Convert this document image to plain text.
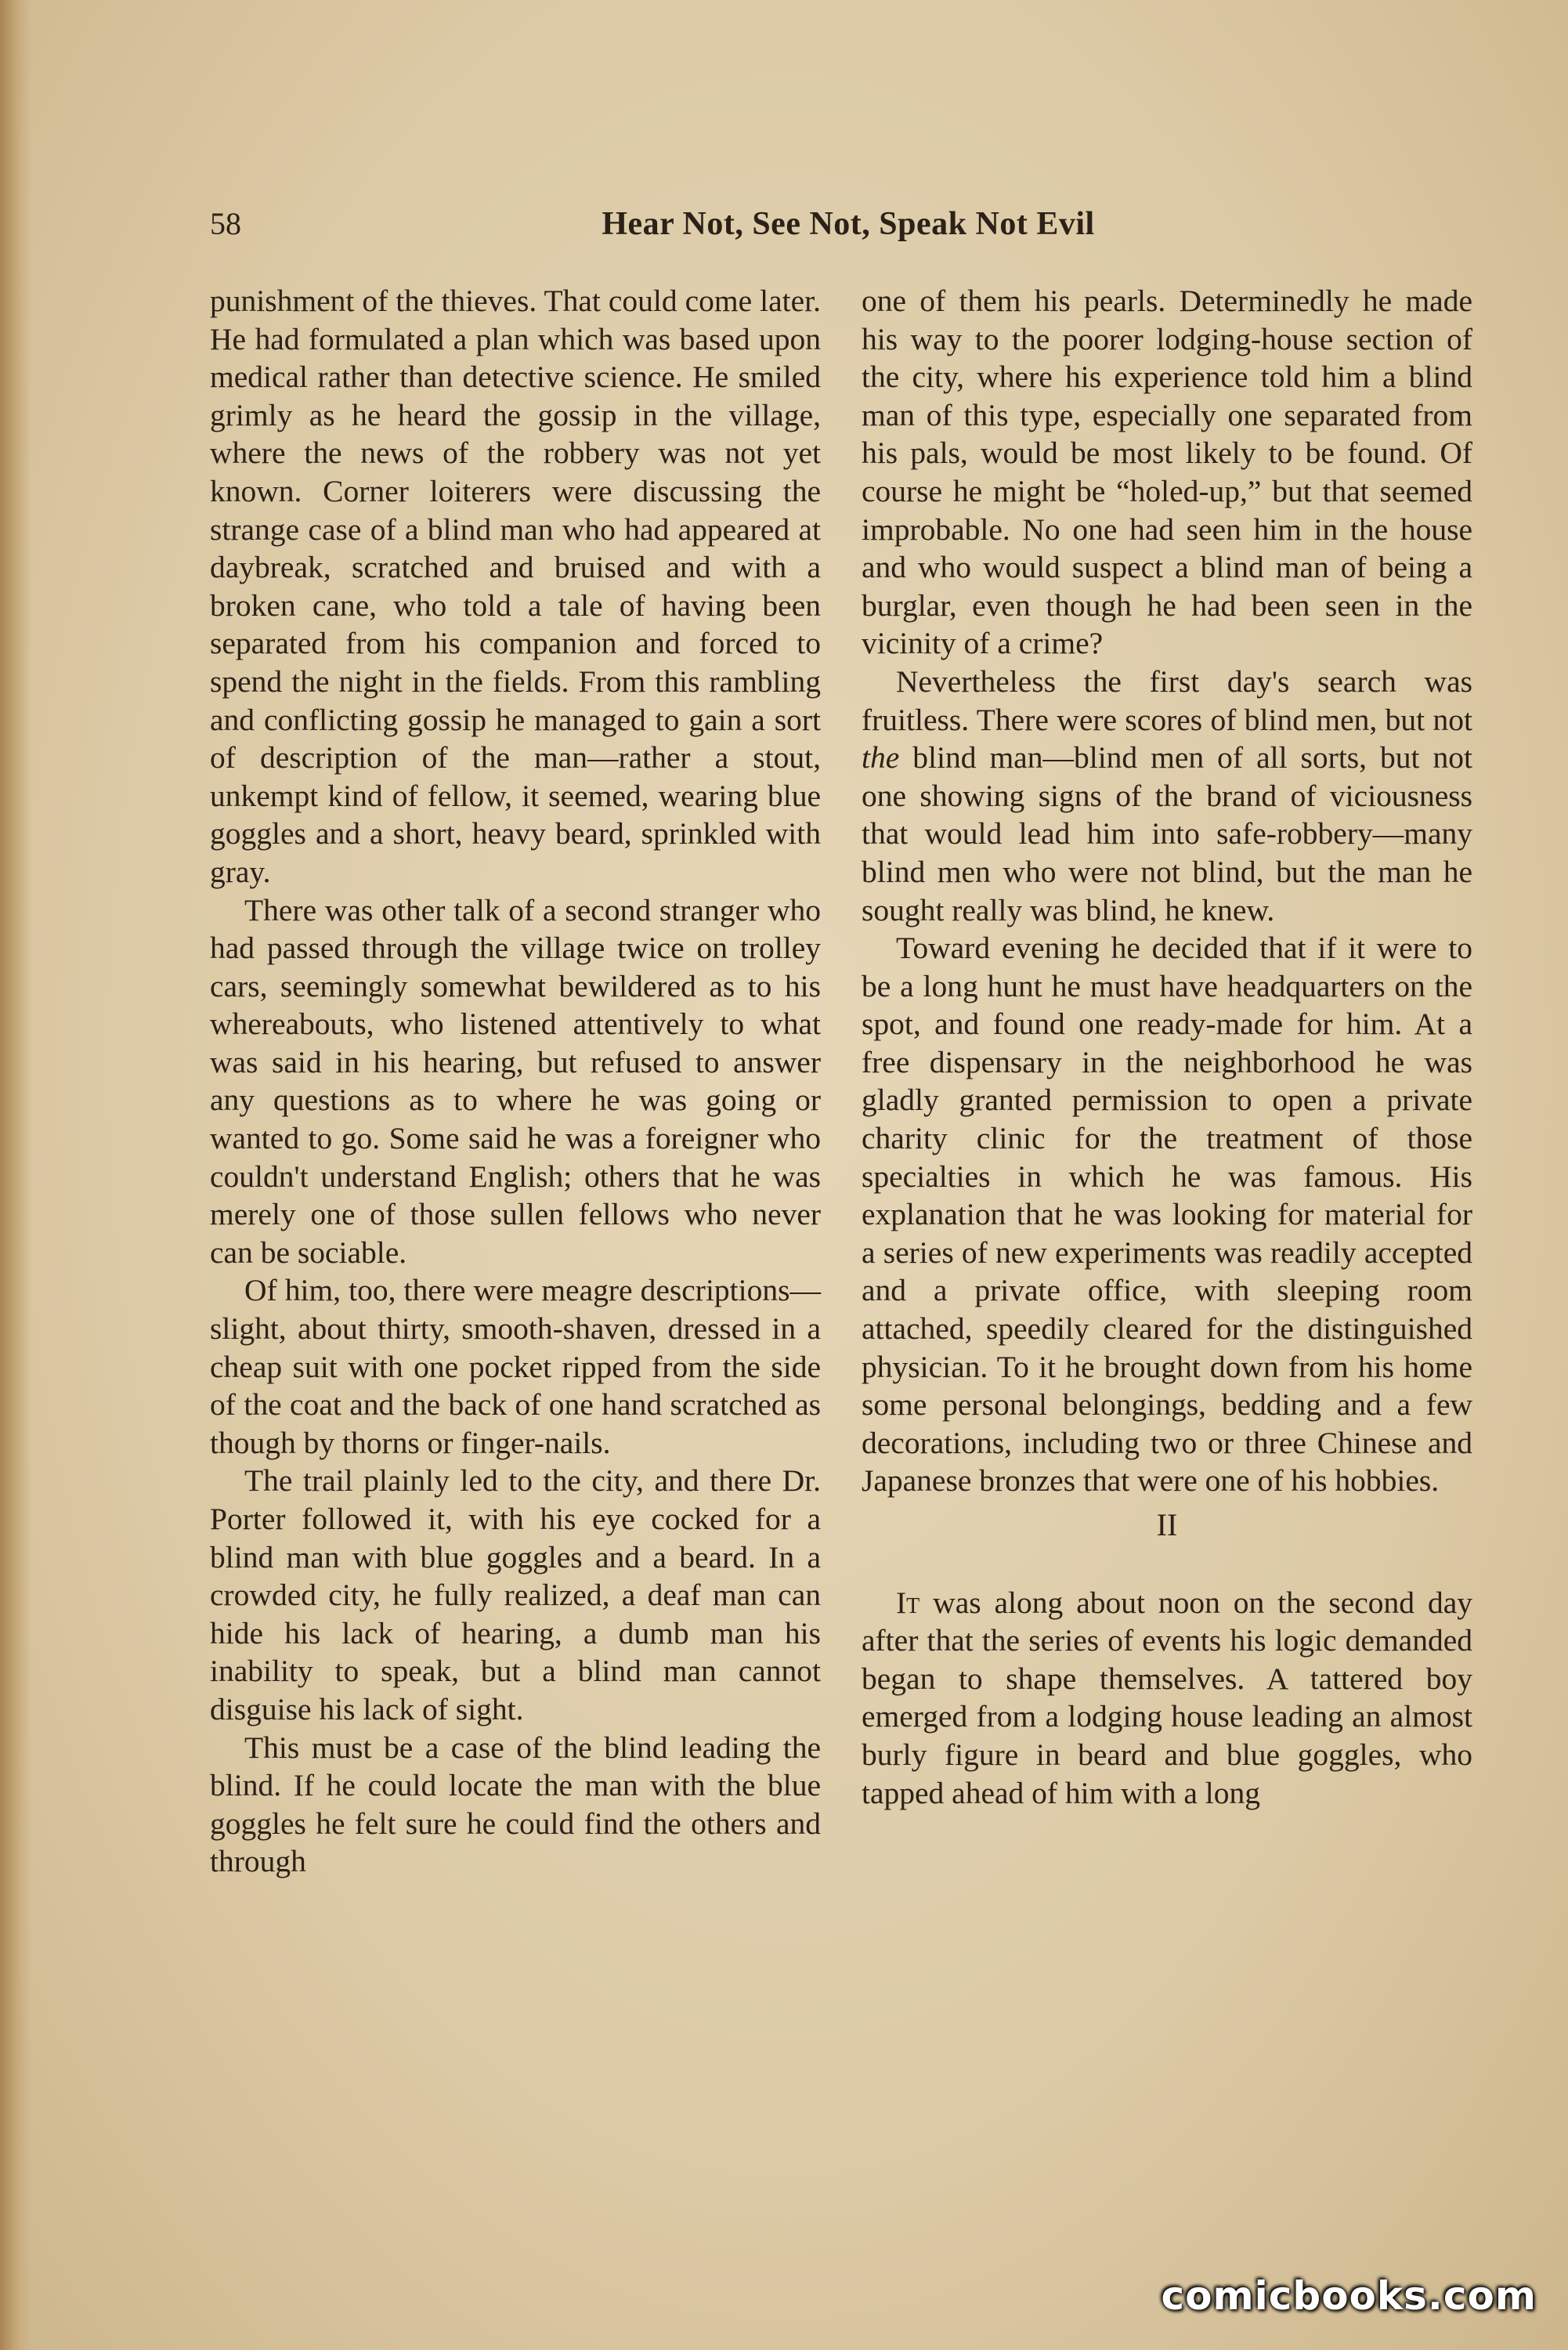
58	Hear Not, See Not, Speak Not Evil

punishment of the thieves. That could come later. He had formulated a plan which was based upon medical rather than detective science. He smiled grimly as he heard the gossip in the village, where the news of the robbery was not yet known. Corner loiterers were discussing the strange case of a blind man who had appeared at daybreak, scratched and bruised and with a broken cane, who told a tale of having been separated from his companion and forced to spend the night in the fields. From this rambling and conflicting gossip he managed to gain a sort of description of the man—rather a stout, unkempt kind of fellow, it seemed, wearing blue goggles and a short, heavy beard, sprinkled with gray.

There was other talk of a second stranger who had passed through the village twice on trolley cars, seemingly somewhat bewildered as to his whereabouts, who listened attentively to what was said in his hearing, but refused to answer any questions as to where he was going or wanted to go. Some said he was a foreigner who couldn't understand English; others that he was merely one of those sullen fellows who never can be sociable.

Of him, too, there were meagre descriptions—slight, about thirty, smooth-shaven, dressed in a cheap suit with one pocket ripped from the side of the coat and the back of one hand scratched as though by thorns or finger-nails.

The trail plainly led to the city, and there Dr. Porter followed it, with his eye cocked for a blind man with blue goggles and a beard. In a crowded city, he fully realized, a deaf man can hide his lack of hearing, a dumb man his inability to speak, but a blind man cannot disguise his lack of sight.

This must be a case of the blind leading the blind. If he could locate the man with the blue goggles he felt sure he could find the others and through

one of them his pearls. Determinedly he made his way to the poorer lodging-house section of the city, where his experience told him a blind man of this type, especially one separated from his pals, would be most likely to be found. Of course he might be “holed-up,” but that seemed improbable. No one had seen him in the house and who would suspect a blind man of being a burglar, even though he had been seen in the vicinity of a crime?

Nevertheless the first day's search was fruitless. There were scores of blind men, but not the blind man—blind men of all sorts, but not one showing signs of the brand of viciousness that would lead him into safe-robbery—many blind men who were not blind, but the man he sought really was blind, he knew.

Toward evening he decided that if it were to be a long hunt he must have headquarters on the spot, and found one ready-made for him. At a free dispensary in the neighborhood he was gladly granted permission to open a private charity clinic for the treatment of those specialties in which he was famous. His explanation that he was looking for material for a series of new experiments was readily accepted and a private office, with sleeping room attached, speedily cleared for the distinguished physician. To it he brought down from his home some personal belongings, bedding and a few decorations, including two or three Chinese and Japanese bronzes that were one of his hobbies.

II

It was along about noon on the second day after that the series of events his logic demanded began to shape themselves. A tattered boy emerged from a lodging house leading an almost burly figure in beard and blue goggles, who tapped ahead of him with a long

comicbooks.com
